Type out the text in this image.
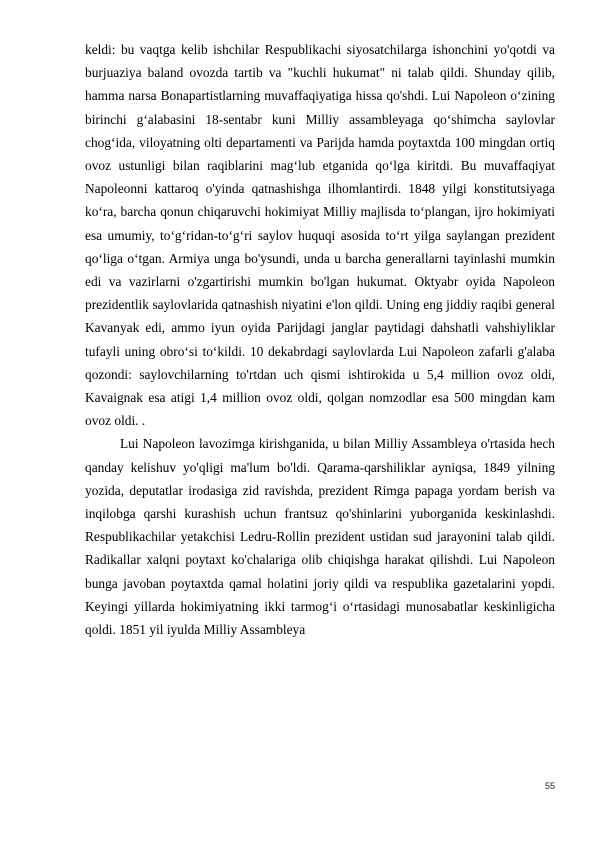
keldi: bu vaqtga kelib ishchilar Respublikachi siyosatchilarga ishonchini yo'qotdi va burjuaziya baland ovozda tartib va "kuchli hukumat" ni talab qildi. Shunday qilib, hamma narsa Bonapartistlarning muvaffaqiyatiga hissa qo'shdi. Lui Napoleon o‘zining birinchi g‘alabasini 18-sentabr kuni Milliy assambleyaga qo‘shimcha saylovlar chog‘ida, viloyatning olti departamenti va Parijda hamda poytaxtda 100 mingdan ortiq ovoz ustunligi bilan raqiblarini mag‘lub etganida qo‘lga kiritdi. Bu muvaffaqiyat Napoleonni kattaroq o'yinda qatnashishga ilhomlantirdi. 1848 yilgi konstitutsiyaga ko‘ra, barcha qonun chiqaruvchi hokimiyat Milliy majlisda to‘plangan, ijro hokimiyati esa umumiy, to‘g‘ridan-to‘g‘ri saylov huquqi asosida to‘rt yilga saylangan prezident qo‘liga o‘tgan. Armiya unga bo'ysundi, unda u barcha generallarni tayinlashi mumkin edi va vazirlarni o'zgartirishi mumkin bo'lgan hukumat. Oktyabr oyida Napoleon prezidentlik saylovlarida qatnashish niyatini e'lon qildi. Uning eng jiddiy raqibi general Kavanyak edi, ammo iyun oyida Parijdagi janglar paytidagi dahshatli vahshiyliklar tufayli uning obro‘si to‘kildi. 10 dekabrdagi saylovlarda Lui Napoleon zafarli g'alaba qozondi: saylovchilarning to'rtdan uch qismi ishtirokida u 5,4 million ovoz oldi, Kavaignak esa atigi 1,4 million ovoz oldi, qolgan nomzodlar esa 500 mingdan kam ovoz oldi. .

Lui Napoleon lavozimga kirishganida, u bilan Milliy Assambleya o'rtasida hech qanday kelishuv yo'qligi ma'lum bo'ldi. Qarama-qarshiliklar ayniqsa, 1849 yilning yozida, deputatlar irodasiga zid ravishda, prezident Rimga papaga yordam berish va inqilobga qarshi kurashish uchun frantsuz qo'shinlarini yuborganida keskinlashdi. Respublikachilar yetakchisi Ledru-Rollin prezident ustidan sud jarayonini talab qildi. Radikallar xalqni poytaxt ko'chalariga olib chiqishga harakat qilishdi. Lui Napoleon bunga javoban poytaxtda qamal holatini joriy qildi va respublika gazetalarini yopdi. Keyingi yillarda hokimiyatning ikki tarmog‘i o‘rtasidagi munosabatlar keskinligicha qoldi. 1851 yil iyulda Milliy Assambleya

55
